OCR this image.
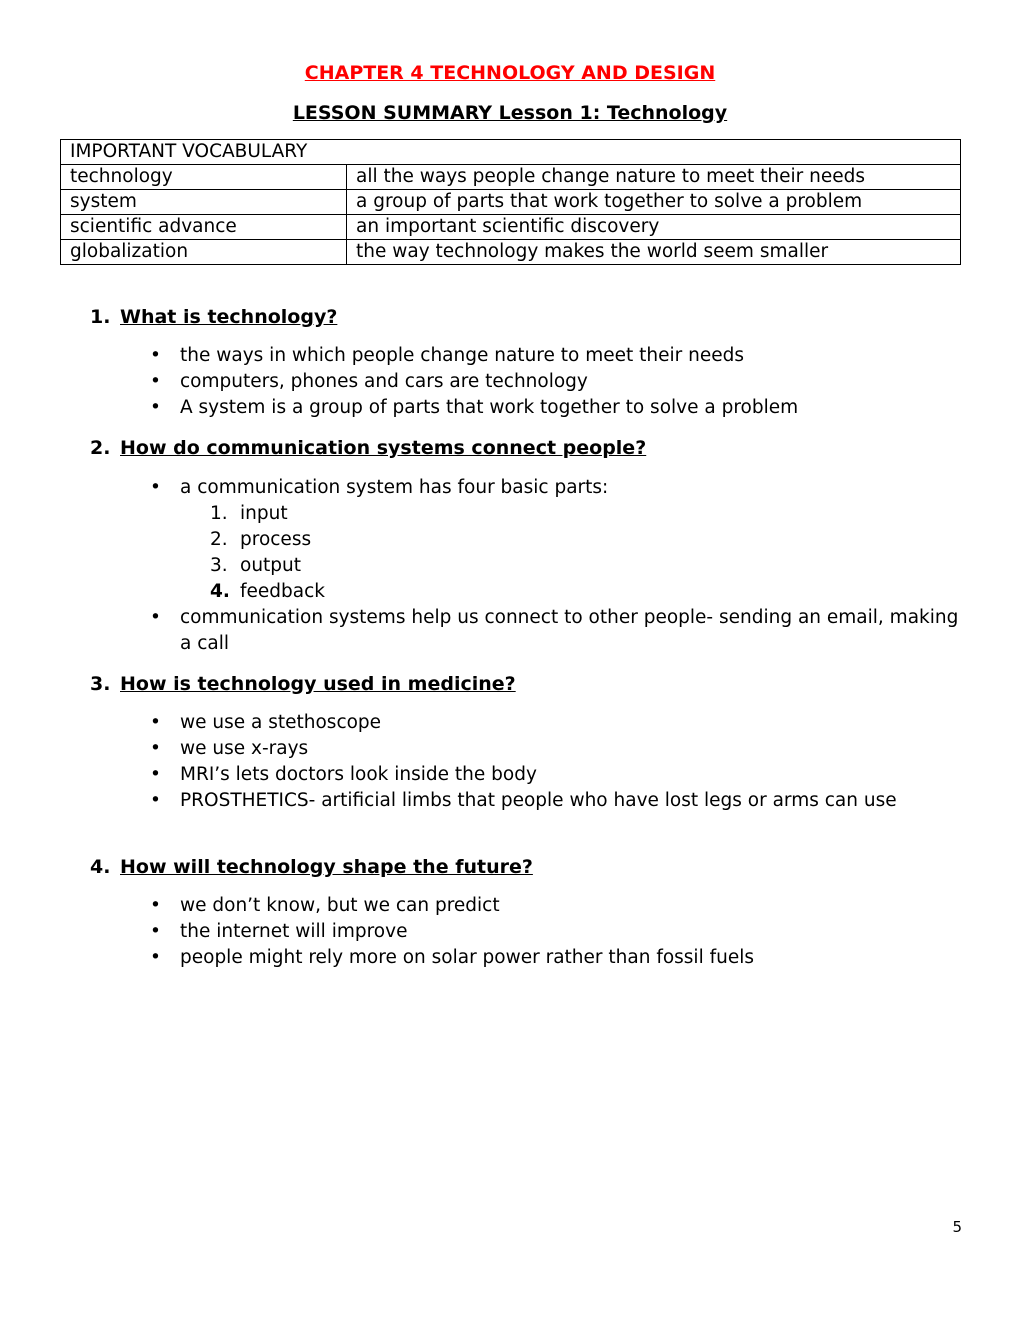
CHAPTER 4 TECHNOLOGY AND DESIGN
LESSON SUMMARY Lesson 1: Technology
IMPORTANT VOCABULARY	
technology	all the ways people change nature to meet their needs
system	a group of parts that work together to solve a problem
scientific advance	an important scientific discovery
globalization	the way technology makes the world seem smaller

1. What is technology?

•	the ways in which people change nature to meet their needs
•	computers, phones and cars are technology
•	A system is a group of parts that work together to solve a problem

2. How do communication systems connect people?

•	a communication system has four basic parts:
1. input
2. process
3. output
4. feedback
•	communication systems help us connect to other people- sending an email, making a call

3. How is technology used in medicine?

•	we use a stethoscope
•	we use x-rays
•	MRI’s lets doctors look inside the body
•	PROSTHETICS- artificial limbs that people who have lost legs or arms can use

4. How will technology shape the future?

•	we don’t know, but we can predict
•	the internet will improve
•	people might rely more on solar power rather than fossil fuels
5
